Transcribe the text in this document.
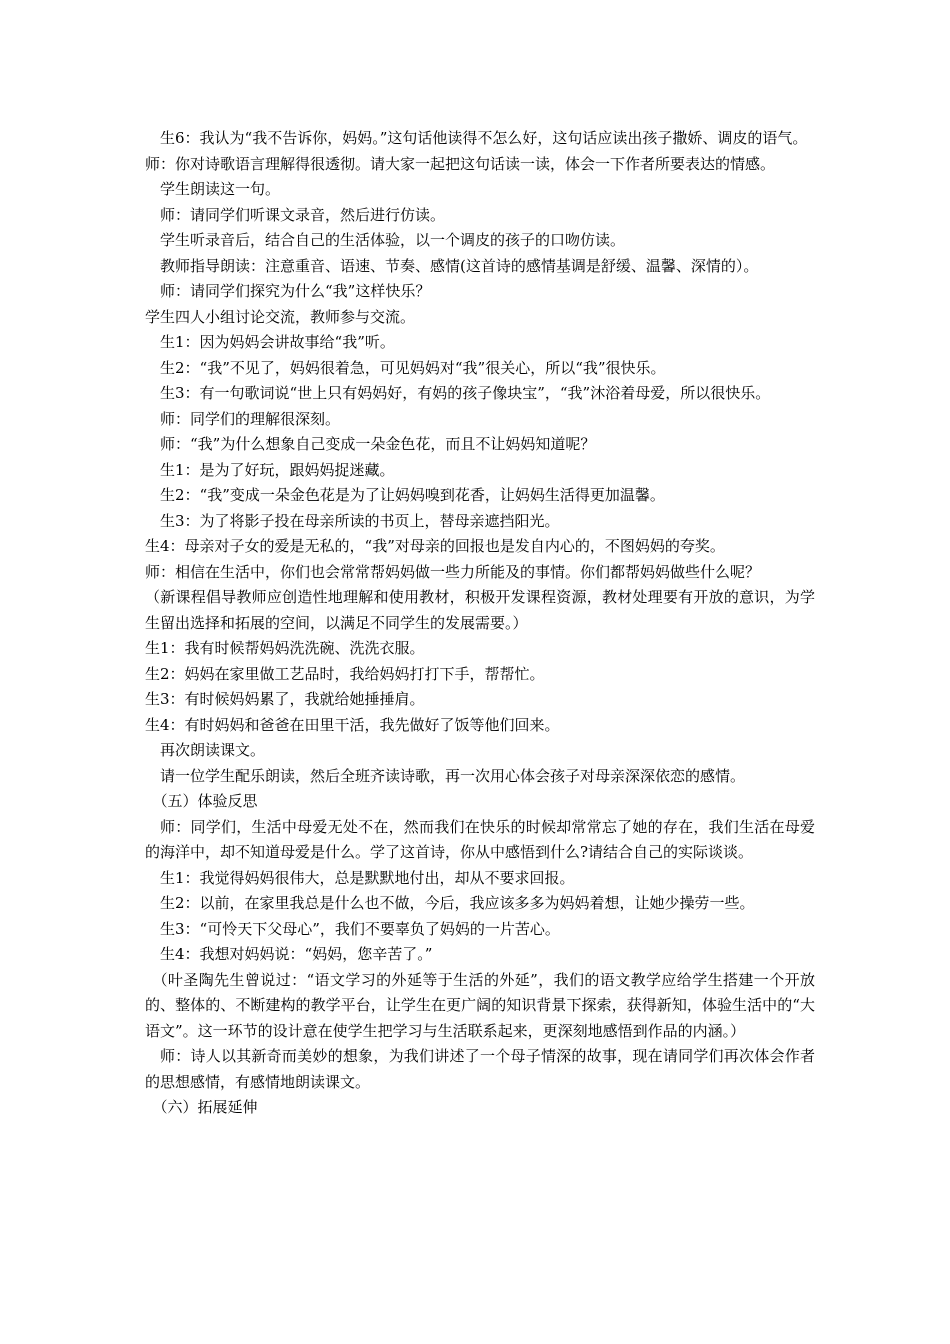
生6：我认为“我不告诉你，妈妈。”这句话他读得不怎么好，这句话应读出孩子撒娇、调皮的语气。

师：你对诗歌语言理解得很透彻。请大家一起把这句话读一读，体会一下作者所要表达的情感。

学生朗读这一句。

师：请同学们听课文录音，然后进行仿读。

学生听录音后，结合自己的生活体验，以一个调皮的孩子的口吻仿读。

教师指导朗读：注意重音、语速、节奏、感情(这首诗的感情基调是舒缓、温馨、深情的）。

师：请同学们探究为什么“我”这样快乐？

学生四人小组讨论交流，教师参与交流。

生1：因为妈妈会讲故事给“我”听。

生2：“我”不见了，妈妈很着急，可见妈妈对“我”很关心，所以“我”很快乐。

生3：有一句歌词说“世上只有妈妈好，有妈的孩子像块宝”，“我”沐浴着母爱，所以很快乐。

师：同学们的理解很深刻。

师：“我”为什么想象自己变成一朵金色花，而且不让妈妈知道呢？

生1：是为了好玩，跟妈妈捉迷藏。

生2：“我”变成一朵金色花是为了让妈妈嗅到花香，让妈妈生活得更加温馨。

生3：为了将影子投在母亲所读的书页上，替母亲遮挡阳光。

生4：母亲对子女的爱是无私的，“我”对母亲的回报也是发自内心的，不图妈妈的夸奖。

师：相信在生活中，你们也会常常帮妈妈做一些力所能及的事情。你们都帮妈妈做些什么呢？

（新课程倡导教师应创造性地理解和使用教材，积极开发课程资源，教材处理要有开放的意识，为学生留出选择和拓展的空间，以满足不同学生的发展需要。）

生1：我有时候帮妈妈洗洗碗、洗洗衣服。

生2：妈妈在家里做工艺品时，我给妈妈打打下手，帮帮忙。

生3：有时候妈妈累了，我就给她捶捶肩。

生4：有时妈妈和爸爸在田里干活，我先做好了饭等他们回来。

再次朗读课文。

请一位学生配乐朗读，然后全班齐读诗歌，再一次用心体会孩子对母亲深深依恋的感情。

（五）体验反思

师：同学们，生活中母爱无处不在，然而我们在快乐的时候却常常忘了她的存在，我们生活在母爱的海洋中，却不知道母爱是什么。学了这首诗，你从中感悟到什么?请结合自己的实际谈谈。

生1：我觉得妈妈很伟大，总是默默地付出，却从不要求回报。

生2：以前，在家里我总是什么也不做，今后，我应该多多为妈妈着想，让她少操劳一些。

生3：“可怜天下父母心”，我们不要辜负了妈妈的一片苦心。

生4：我想对妈妈说：“妈妈，您辛苦了。”

（叶圣陶先生曾说过：“语文学习的外延等于生活的外延”，我们的语文教学应给学生搭建一个开放的、整体的、不断建构的教学平台，让学生在更广阔的知识背景下探索，获得新知，体验生活中的“大语文”。这一环节的设计意在使学生把学习与生活联系起来，更深刻地感悟到作品的内涵。）

师：诗人以其新奇而美妙的想象，为我们讲述了一个母子情深的故事，现在请同学们再次体会作者的思想感情，有感情地朗读课文。

（六）拓展延伸
